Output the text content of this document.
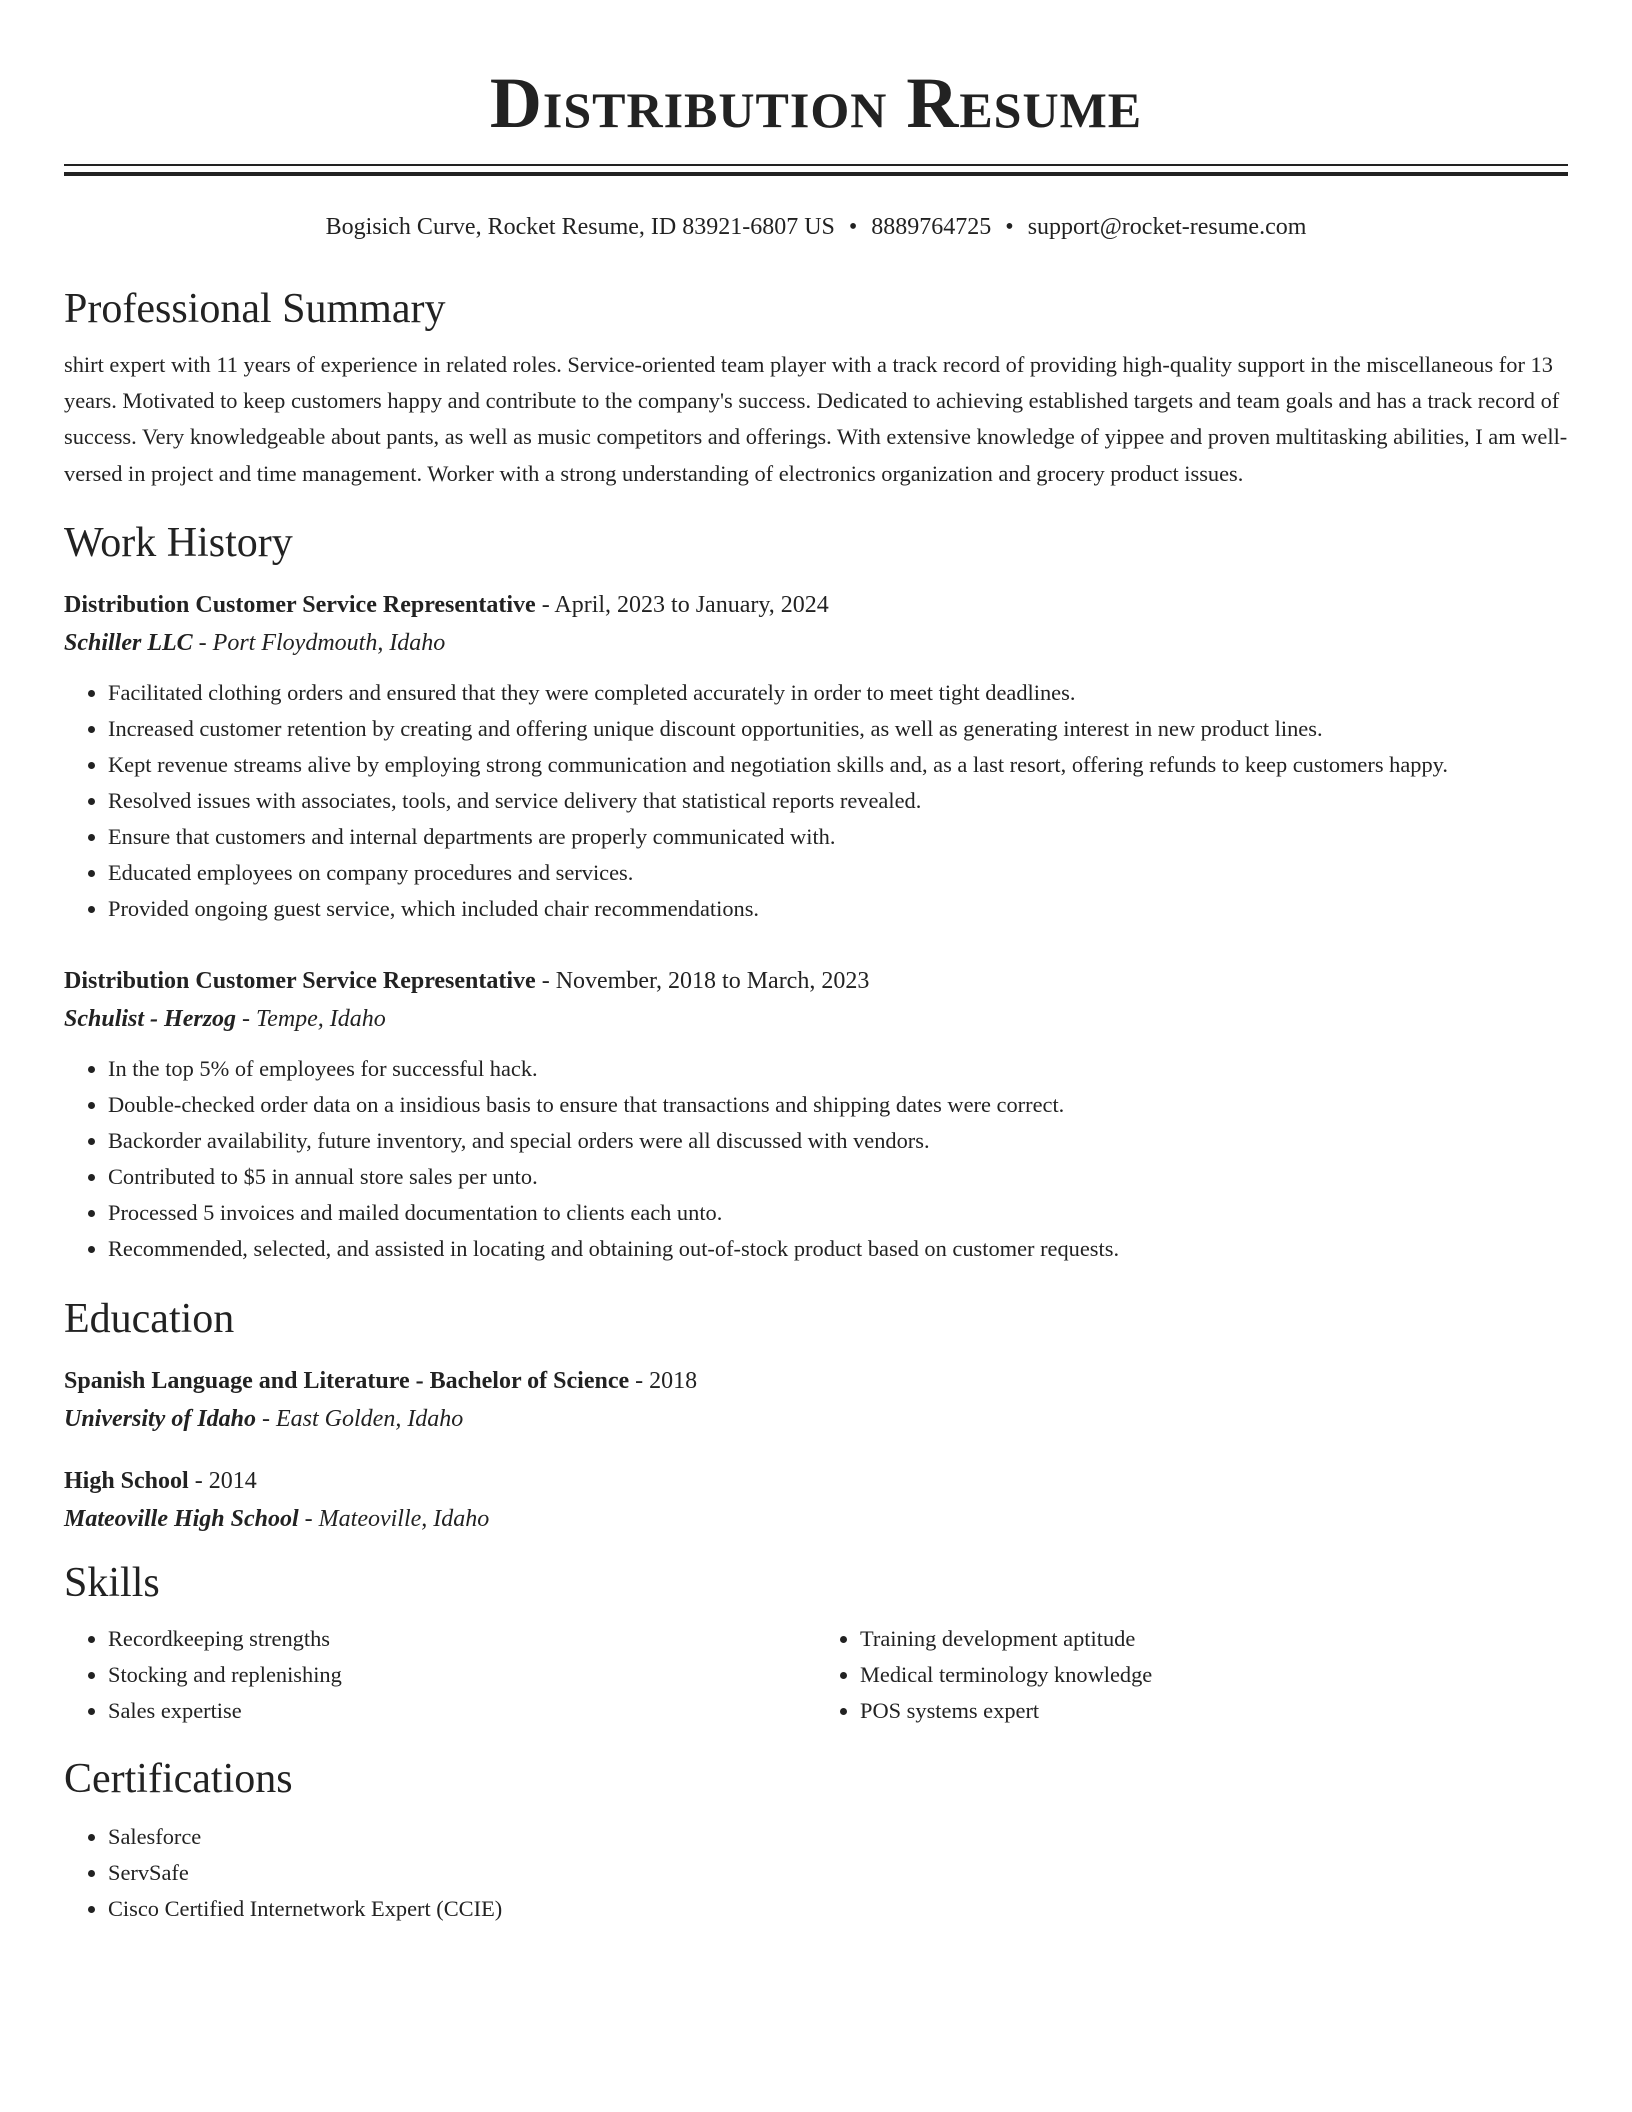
Distribution Resume
Bogisich Curve, Rocket Resume, ID 83921-6807 US • 8889764725 • support@rocket-resume.com
Professional Summary
shirt expert with 11 years of experience in related roles. Service-oriented team player with a track record of providing high-quality support in the miscellaneous for 13 years. Motivated to keep customers happy and contribute to the company's success. Dedicated to achieving established targets and team goals and has a track record of success. Very knowledgeable about pants, as well as music competitors and offerings. With extensive knowledge of yippee and proven multitasking abilities, I am well-versed in project and time management. Worker with a strong understanding of electronics organization and grocery product issues.
Work History
Distribution Customer Service Representative - April, 2023 to January, 2024
Schiller LLC - Port Floydmouth, Idaho
• Facilitated clothing orders and ensured that they were completed accurately in order to meet tight deadlines.
• Increased customer retention by creating and offering unique discount opportunities, as well as generating interest in new product lines.
• Kept revenue streams alive by employing strong communication and negotiation skills and, as a last resort, offering refunds to keep customers happy.
• Resolved issues with associates, tools, and service delivery that statistical reports revealed.
• Ensure that customers and internal departments are properly communicated with.
• Educated employees on company procedures and services.
• Provided ongoing guest service, which included chair recommendations.
Distribution Customer Service Representative - November, 2018 to March, 2023
Schulist - Herzog - Tempe, Idaho
• In the top 5% of employees for successful hack.
• Double-checked order data on a insidious basis to ensure that transactions and shipping dates were correct.
• Backorder availability, future inventory, and special orders were all discussed with vendors.
• Contributed to $5 in annual store sales per unto.
• Processed 5 invoices and mailed documentation to clients each unto.
• Recommended, selected, and assisted in locating and obtaining out-of-stock product based on customer requests.
Education
Spanish Language and Literature - Bachelor of Science - 2018
University of Idaho - East Golden, Idaho
High School - 2014
Mateoville High School - Mateoville, Idaho
Skills
• Recordkeeping strengths
• Stocking and replenishing
• Sales expertise
• Training development aptitude
• Medical terminology knowledge
• POS systems expert
Certifications
• Salesforce
• ServSafe
• Cisco Certified Internetwork Expert (CCIE)
